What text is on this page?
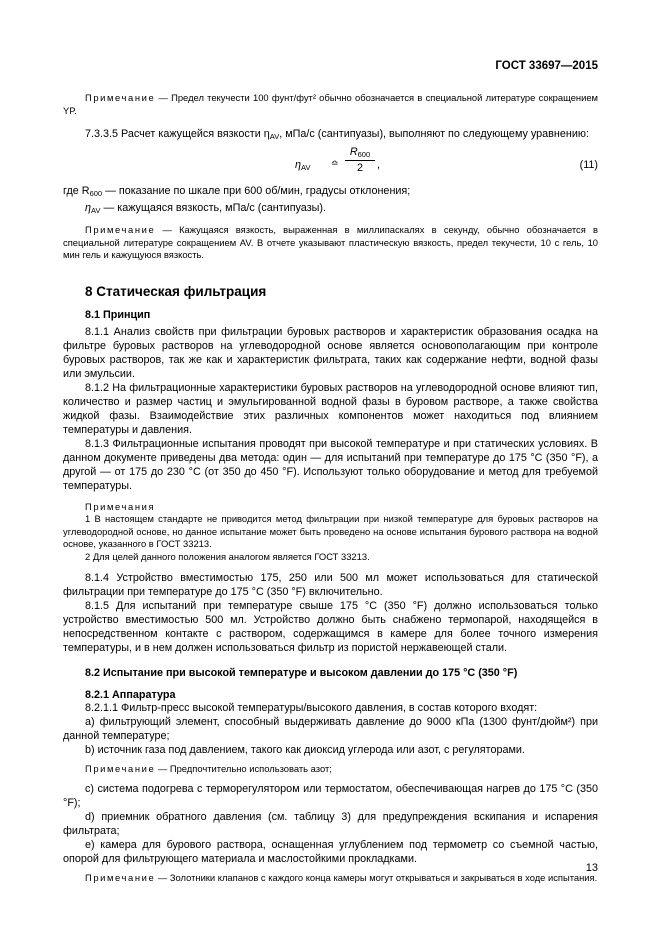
ГОСТ 33697—2015

Примечание — Предел текучести 100 фунт/фут² обычно обозначается в специальной литературе сокращением YP.

7.3.3.5 Расчет кажущейся вязкости $\eta_{AV}$, мПа/с (сантипуазы), выполняют по следующему уравнению:

$\eta_{AV}$ ≏ $\frac{R_{600}}{2}$ ,	(11)

где $R_{600}$ — показание по шкале при 600 об/мин, градусы отклонения;

$\eta_{AV}$ — кажущаяся вязкость, мПа/с (сантипуазы).

Примечание — Кажущаяся вязкость, выраженная в миллипаскалях в секунду, обычно обозначается в специальной литературе сокращением AV. В отчете указывают пластическую вязкость, предел текучести, 10 с гель, 10 мин гель и кажущуюся вязкость.

8 Статическая фильтрация

8.1 Принцип

8.1.1 Анализ свойств при фильтрации буровых растворов и характеристик образования осадка на фильтре буровых растворов на углеводородной основе является основополагающим при контроле буровых растворов, так же как и характеристик фильтрата, таких как содержание нефти, водной фазы или эмульсии.

8.1.2 На фильтрационные характеристики буровых растворов на углеводородной основе влияют тип, количество и размер частиц и эмульгированной водной фазы в буровом растворе, а также свойства жидкой фазы. Взаимодействие этих различных компонентов может находиться под влиянием температуры и давления.

8.1.3 Фильтрационные испытания проводят при высокой температуре и при статических условиях. В данном документе приведены два метода: один — для испытаний при температуре до 175 °С (350 °F), а другой — от 175 до 230 °С (от 350 до 450 °F). Используют только оборудование и метод для требуемой температуры.

Примечания

1 В настоящем стандарте не приводится метод фильтрации при низкой температуре для буровых растворов на углеводородной основе, но данное испытание может быть проведено на основе испытания бурового раствора на водной основе, указанного в ГОСТ 33213.

2 Для целей данного положения аналогом является ГОСТ 33213.

8.1.4 Устройство вместимостью 175, 250 или 500 мл может использоваться для статической фильтрации при температуре до 175 °С (350 °F) включительно.

8.1.5 Для испытаний при температуре свыше 175 °С (350 °F) должно использоваться только устройство вместимостью 500 мл. Устройство должно быть снабжено термопарой, находящейся в непосредственном контакте с раствором, содержащимся в камере для более точного измерения температуры, и в нем должен использоваться фильтр из пористой нержавеющей стали.

8.2 Испытание при высокой температуре и высоком давлении до 175 °С (350 °F)

8.2.1 Аппаратура

8.2.1.1 Фильтр-пресс высокой температуры/высокого давления, в состав которого входят:

a) фильтрующий элемент, способный выдерживать давление до 9000 кПа (1300 фунт/дюйм²) при данной температуре;

b) источник газа под давлением, такого как диоксид углерода или азот, с регуляторами.

Примечание — Предпочтительно использовать азот;

c) система подогрева с терморегулятором или термостатом, обеспечивающая нагрев до 175 °С (350 °F);

d) приемник обратного давления (см. таблицу 3) для предупреждения вскипания и испарения фильтрата;

e) камера для бурового раствора, оснащенная углублением под термометр со съемной частью, опорой для фильтрующего материала и маслостойкими прокладками.

Примечание — Золотники клапанов с каждого конца камеры могут открываться и закрываться в ходе испытания.

13
